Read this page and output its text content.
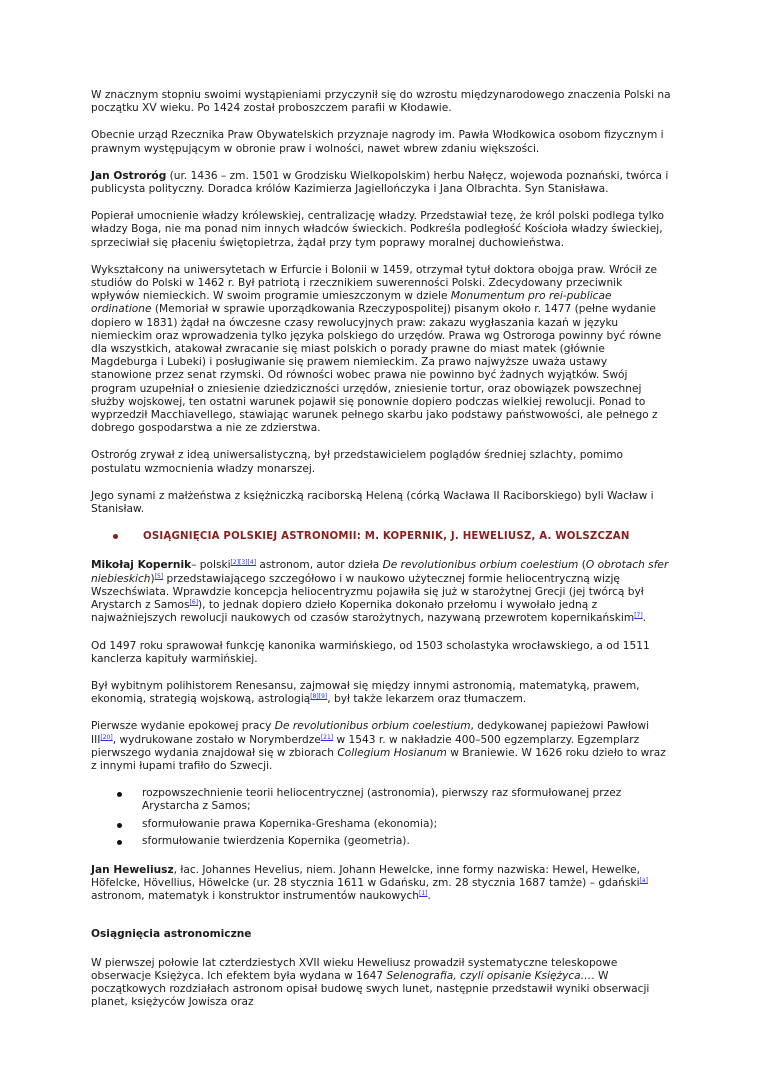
W znacznym stopniu swoimi wystąpieniami przyczynił się do wzrostu międzynarodowego znaczenia Polski na początku XV wieku. Po 1424 został proboszczem parafii w Kłodawie.

Obecnie urząd Rzecznika Praw Obywatelskich przyznaje nagrody im. Pawła Włodkowica osobom fizycznym i prawnym występującym w obronie praw i wolności, nawet wbrew zdaniu większości.

Jan Ostroróg (ur. 1436 – zm. 1501 w Grodzisku Wielkopolskim) herbu Nałęcz, wojewoda poznański, twórca i publicysta polityczny. Doradca królów Kazimierza Jagiellończyka i Jana Olbrachta. Syn Stanisława.

Popierał umocnienie władzy królewskiej, centralizację władzy. Przedstawiał tezę, że król polski podlega tylko władzy Boga, nie ma ponad nim innych władców świeckich. Podkreśla podległość Kościoła władzy świeckiej, sprzeciwiał się płaceniu świętopietrza, żądał przy tym poprawy moralnej duchowieństwa.

Wykształcony na uniwersytetach w Erfurcie i Bolonii w 1459, otrzymał tytuł doktora obojga praw. Wrócił ze studiów do Polski w 1462 r. Był patriotą i rzecznikiem suwerenności Polski. Zdecydowany przeciwnik wpływów niemieckich. W swoim programie umieszczonym w dziele Monumentum pro rei-publicae ordinatione (Memoriał w sprawie uporządkowania Rzeczypospolitej) pisanym około r. 1477 (pełne wydanie dopiero w 1831) żądał na ówczesne czasy rewolucyjnych praw: zakazu wygłaszania kazań w języku niemieckim oraz wprowadzenia tylko języka polskiego do urzędów. Prawa wg Ostroroga powinny być równe dla wszystkich, atakował zwracanie się miast polskich o porady prawne do miast matek (głównie Magdeburga i Lubeki) i posługiwanie się prawem niemieckim. Za prawo najwyższe uważa ustawy stanowione przez senat rzymski. Od równości wobec prawa nie powinno być żadnych wyjątków. Swój program uzupełniał o zniesienie dziedziczności urzędów, zniesienie tortur, oraz obowiązek powszechnej służby wojskowej, ten ostatni warunek pojawił się ponownie dopiero podczas wielkiej rewolucji. Ponad to wyprzedził Macchiavellego, stawiając warunek pełnego skarbu jako podstawy państwowości, ale pełnego z dobrego gospodarstwa a nie ze zdzierstwa.

Ostroróg zrywał z ideą uniwersalistyczną, był przedstawicielem poglądów średniej szlachty, pomimo postulatu wzmocnienia władzy monarszej.

Jego synami z małżeństwa z księżniczką raciborską Heleną (córką Wacława II Raciborskiego) byli Wacław i Stanisław.

OSIĄGNIĘCIA POLSKIEJ ASTRONOMII: M. KOPERNIK, J. HEWELIUSZ, A. WOLSZCZAN

Mikołaj Kopernik– polski[2][3][4] astronom, autor dzieła De revolutionibus orbium coelestium (O obrotach sfer niebieskich)[5] przedstawiającego szczegółowo i w naukowo użytecznej formie heliocentryczną wizję Wszechświata. Wprawdzie koncepcja heliocentryzmu pojawiła się już w starożytnej Grecji (jej twórcą był Arystarch z Samos[6]), to jednak dopiero dzieło Kopernika dokonało przełomu i wywołało jedną z najważniejszych rewolucji naukowych od czasów starożytnych, nazywaną przewrotem kopernikańskim[7].

Od 1497 roku sprawował funkcję kanonika warmińskiego, od 1503 scholastyka wrocławskiego, a od 1511 kanclerza kapituły warmińskiej.

Był wybitnym polihistorem Renesansu, zajmował się między innymi astronomią, matematyką, prawem, ekonomią, strategią wojskową, astrologią[8][9], był także lekarzem oraz tłumaczem.

Pierwsze wydanie epokowej pracy De revolutionibus orbium coelestium, dedykowanej papieżowi Pawłowi III[20], wydrukowane zostało w Norymberdze[21] w 1543 r. w nakładzie 400–500 egzemplarzy. Egzemplarz pierwszego wydania znajdował się w zbiorach Collegium Hosianum w Braniewie. W 1626 roku dzieło to wraz z innymi łupami trafiło do Szwecji.

rozpowszechnienie teorii heliocentrycznej (astronomia), pierwszy raz sformułowanej przez Arystarcha z Samos;
sformułowanie prawa Kopernika-Greshama (ekonomia);
sformułowanie twierdzenia Kopernika (geometria).

Jan Heweliusz, łac. Johannes Hevelius, niem. Johann Hewelcke, inne formy nazwiska: Hewel, Hewelke, Höfelcke, Hövellius, Höwelcke (ur. 28 stycznia 1611 w Gdańsku, zm. 28 stycznia 1687 tamże) – gdański[a] astronom, matematyk i konstruktor instrumentów naukowych[1].

Osiągnięcia astronomiczne

W pierwszej połowie lat czterdziestych XVII wieku Heweliusz prowadził systematyczne teleskopowe obserwacje Księżyca. Ich efektem była wydana w 1647 Selenografia, czyli opisanie Księżyca…. W początkowych rozdziałach astronom opisał budowę swych lunet, następnie przedstawił wyniki obserwacji planet, księżyców Jowisza oraz
